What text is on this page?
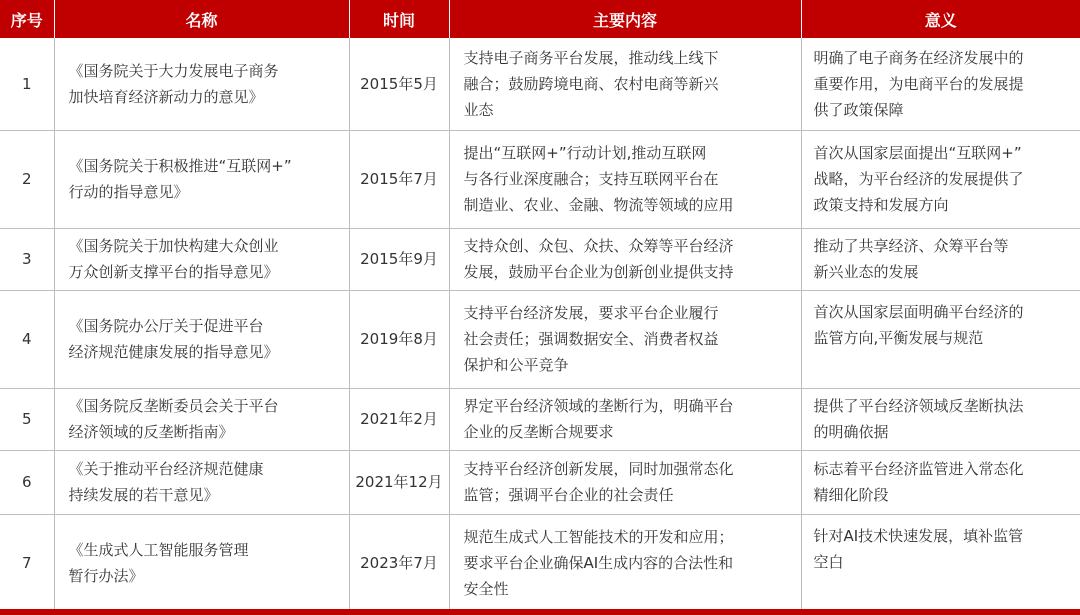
序号	名称	时间	主要内容	意义
1	《国务院关于大力发展电子商务
加快培育经济新动力的意见》	2015年5月	支持电子商务平台发展，推动线上线下
融合；鼓励跨境电商、农村电商等新兴
业态	明确了电子商务在经济发展中的
重要作用，为电商平台的发展提
供了政策保障

2	《国务院关于积极推进“互联网+”
行动的指导意见》	2015年7月	提出“互联网+”行动计划,推动互联网
与各行业深度融合；支持互联网平台在
制造业、农业、金融、物流等领域的应用	首次从国家层面提出“互联网+”
战略，为平台经济的发展提供了
政策支持和发展方向

3	《国务院关于加快构建大众创业
万众创新支撑平台的指导意见》	2015年9月	支持众创、众包、众扶、众筹等平台经济
发展，鼓励平台企业为创新创业提供支持	推动了共享经济、众筹平台等
新兴业态的发展

4	《国务院办公厅关于促进平台
经济规范健康发展的指导意见》	2019年8月	支持平台经济发展，要求平台企业履行
社会责任；强调数据安全、消费者权益
保护和公平竞争	首次从国家层面明确平台经济的
监管方向,平衡发展与规范

5	《国务院反垄断委员会关于平台
经济领域的反垄断指南》	2021年2月	界定平台经济领域的垄断行为，明确平台
企业的反垄断合规要求	提供了平台经济领域反垄断执法
的明确依据

6	《关于推动平台经济规范健康
持续发展的若干意见》	2021年12月	支持平台经济创新发展，同时加强常态化
监管；强调平台企业的社会责任	标志着平台经济监管进入常态化
精细化阶段

7	《生成式人工智能服务管理
暂行办法》	2023年7月	规范生成式人工智能技术的开发和应用；
要求平台企业确保AI生成内容的合法性和
安全性	针对AI技术快速发展，填补监管
空白
